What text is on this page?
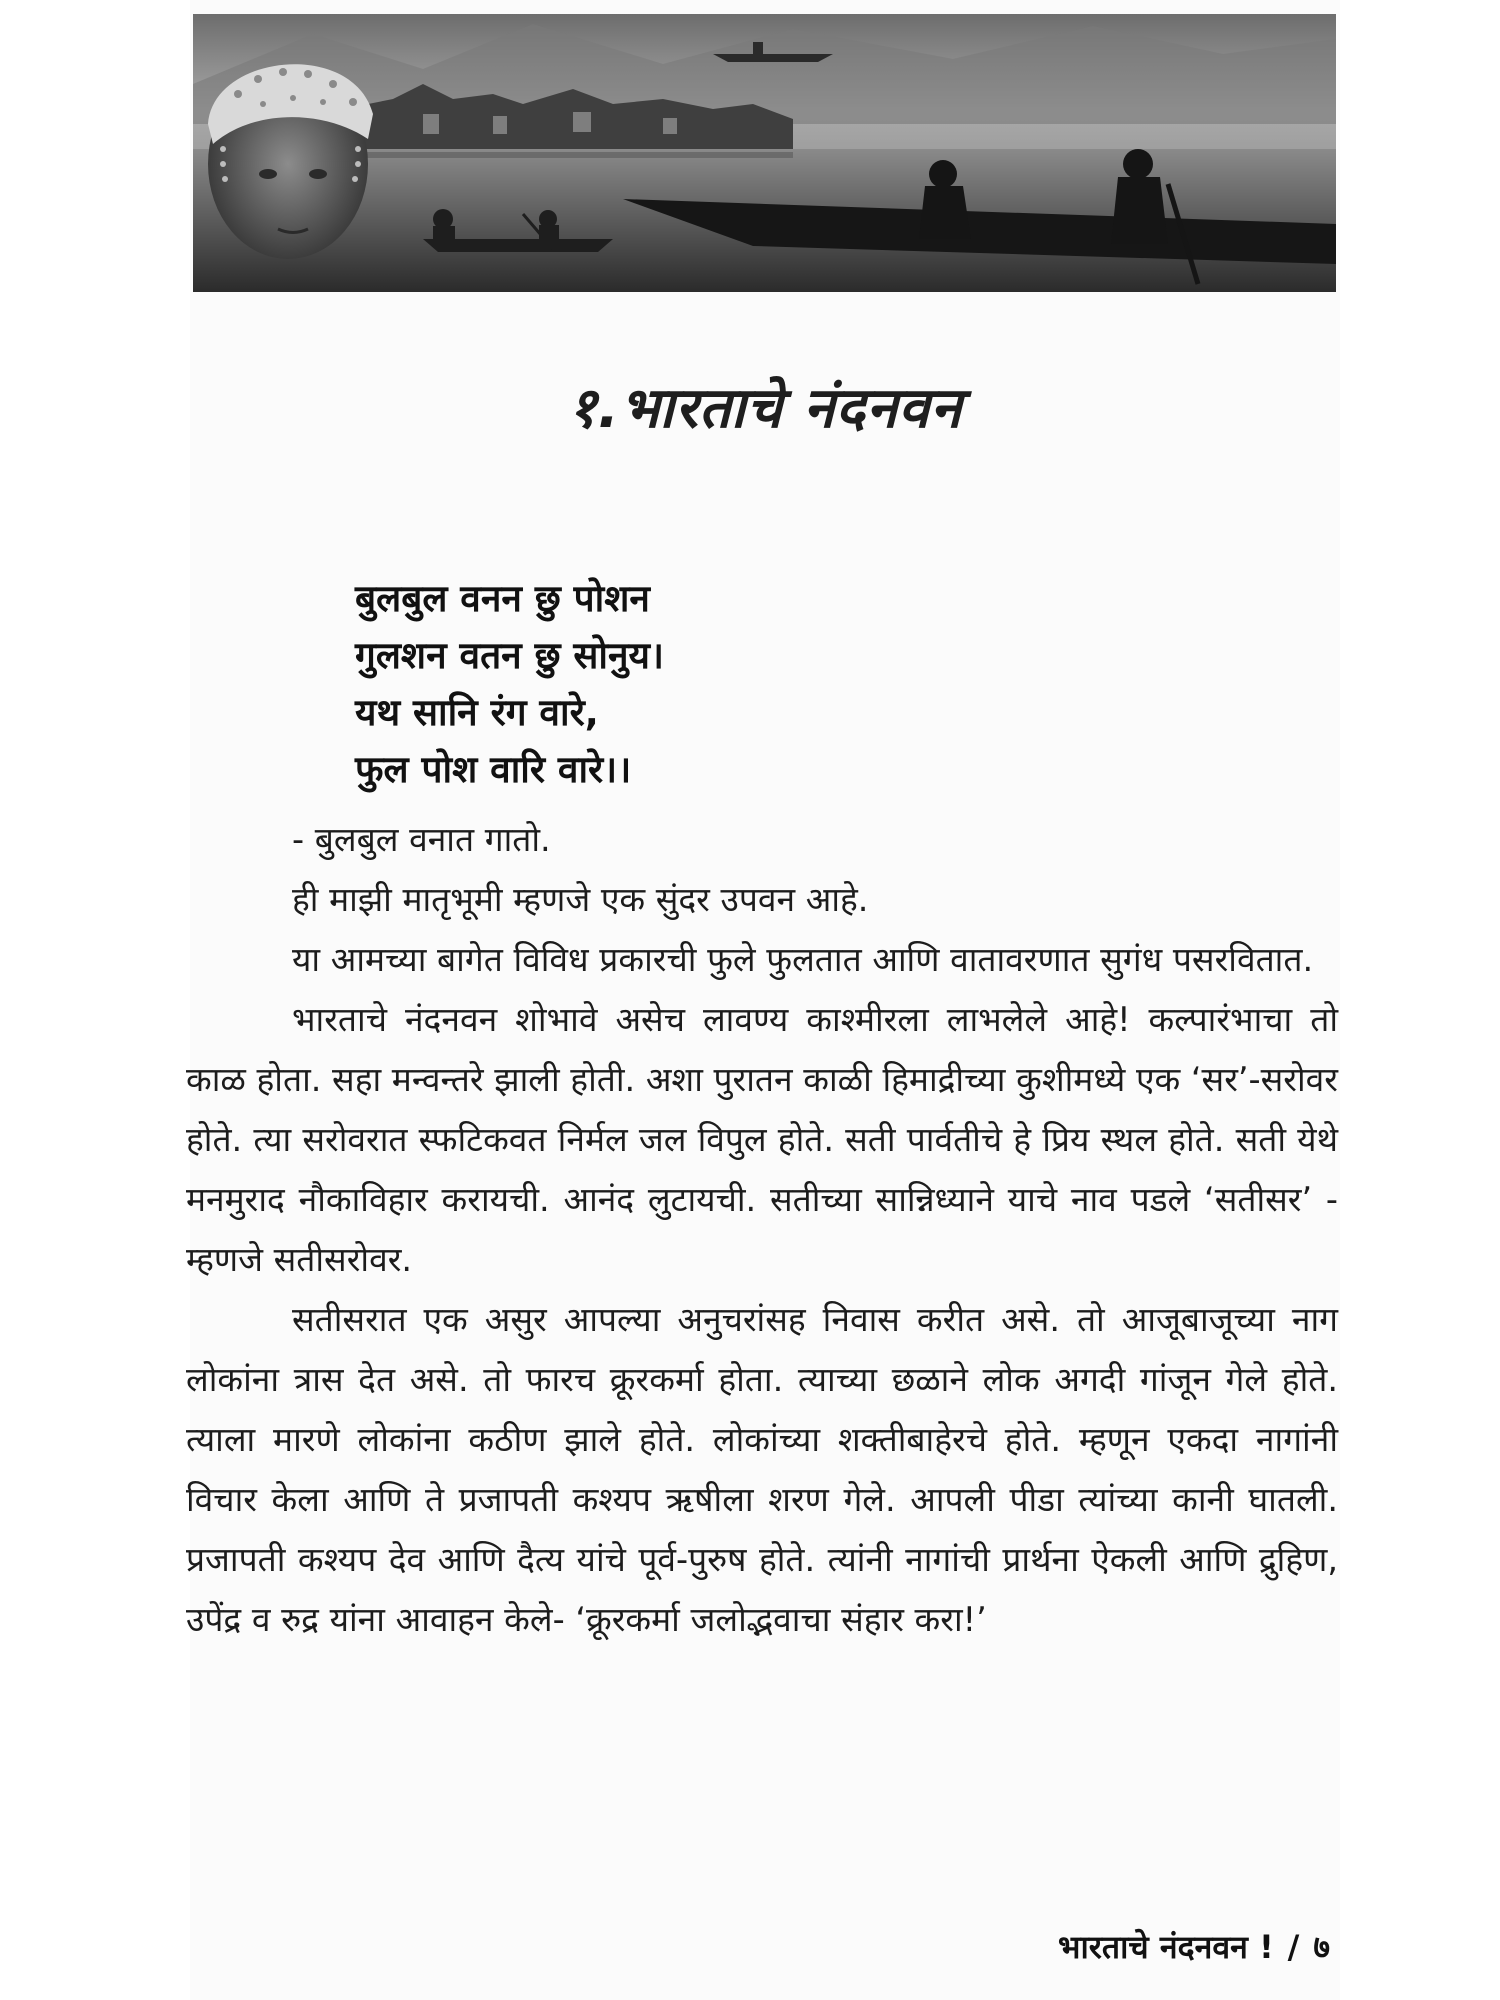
१.भारताचे नंदनवन
बुलबुल वनन छु पोशन
गुलशन वतन छु सोनुय।
यथ सानि रंग वारे,
फुल पोश वारि वारे।।

- बुलबुल वनात गातो.

ही माझी मातृभूमी म्हणजे एक सुंदर उपवन आहे.

या आमच्या बागेत विविध प्रकारची फुले फुलतात आणि वातावरणात सुगंध पसरवितात.

भारताचे नंदनवन शोभावे असेच लावण्य काश्मीरला लाभलेले आहे! कल्पारंभाचा तो काळ होता. सहा मन्वन्तरे झाली होती. अशा पुरातन काळी हिमाद्रीच्या कुशीमध्ये एक ‘सर’-सरोवर होते. त्या सरोवरात स्फटिकवत निर्मल जल विपुल होते. सती पार्वतीचे हे प्रिय स्थल होते. सती येथे मनमुराद नौकाविहार करायची. आनंद लुटायची. सतीच्या सान्निध्याने याचे नाव पडले ‘सतीसर’ - म्हणजे सतीसरोवर.

सतीसरात एक असुर आपल्या अनुचरांसह निवास करीत असे. तो आजूबाजूच्या नाग लोकांना त्रास देत असे. तो फारच क्रूरकर्मा होता. त्याच्या छळाने लोक अगदी गांजून गेले होते. त्याला मारणे लोकांना कठीण झाले होते. लोकांच्या शक्तीबाहेरचे होते. म्हणून एकदा नागांनी विचार केला आणि ते प्रजापती कश्यप ऋषीला शरण गेले. आपली पीडा त्यांच्या कानी घातली. प्रजापती कश्यप देव आणि दैत्य यांचे पूर्व-पुरुष होते. त्यांनी नागांची प्रार्थना ऐकली आणि द्रुहिण, उपेंद्र व रुद्र यांना आवाहन केले- ‘क्रूरकर्मा जलोद्भवाचा संहार करा!’

भारताचे नंदनवन ! / ७
